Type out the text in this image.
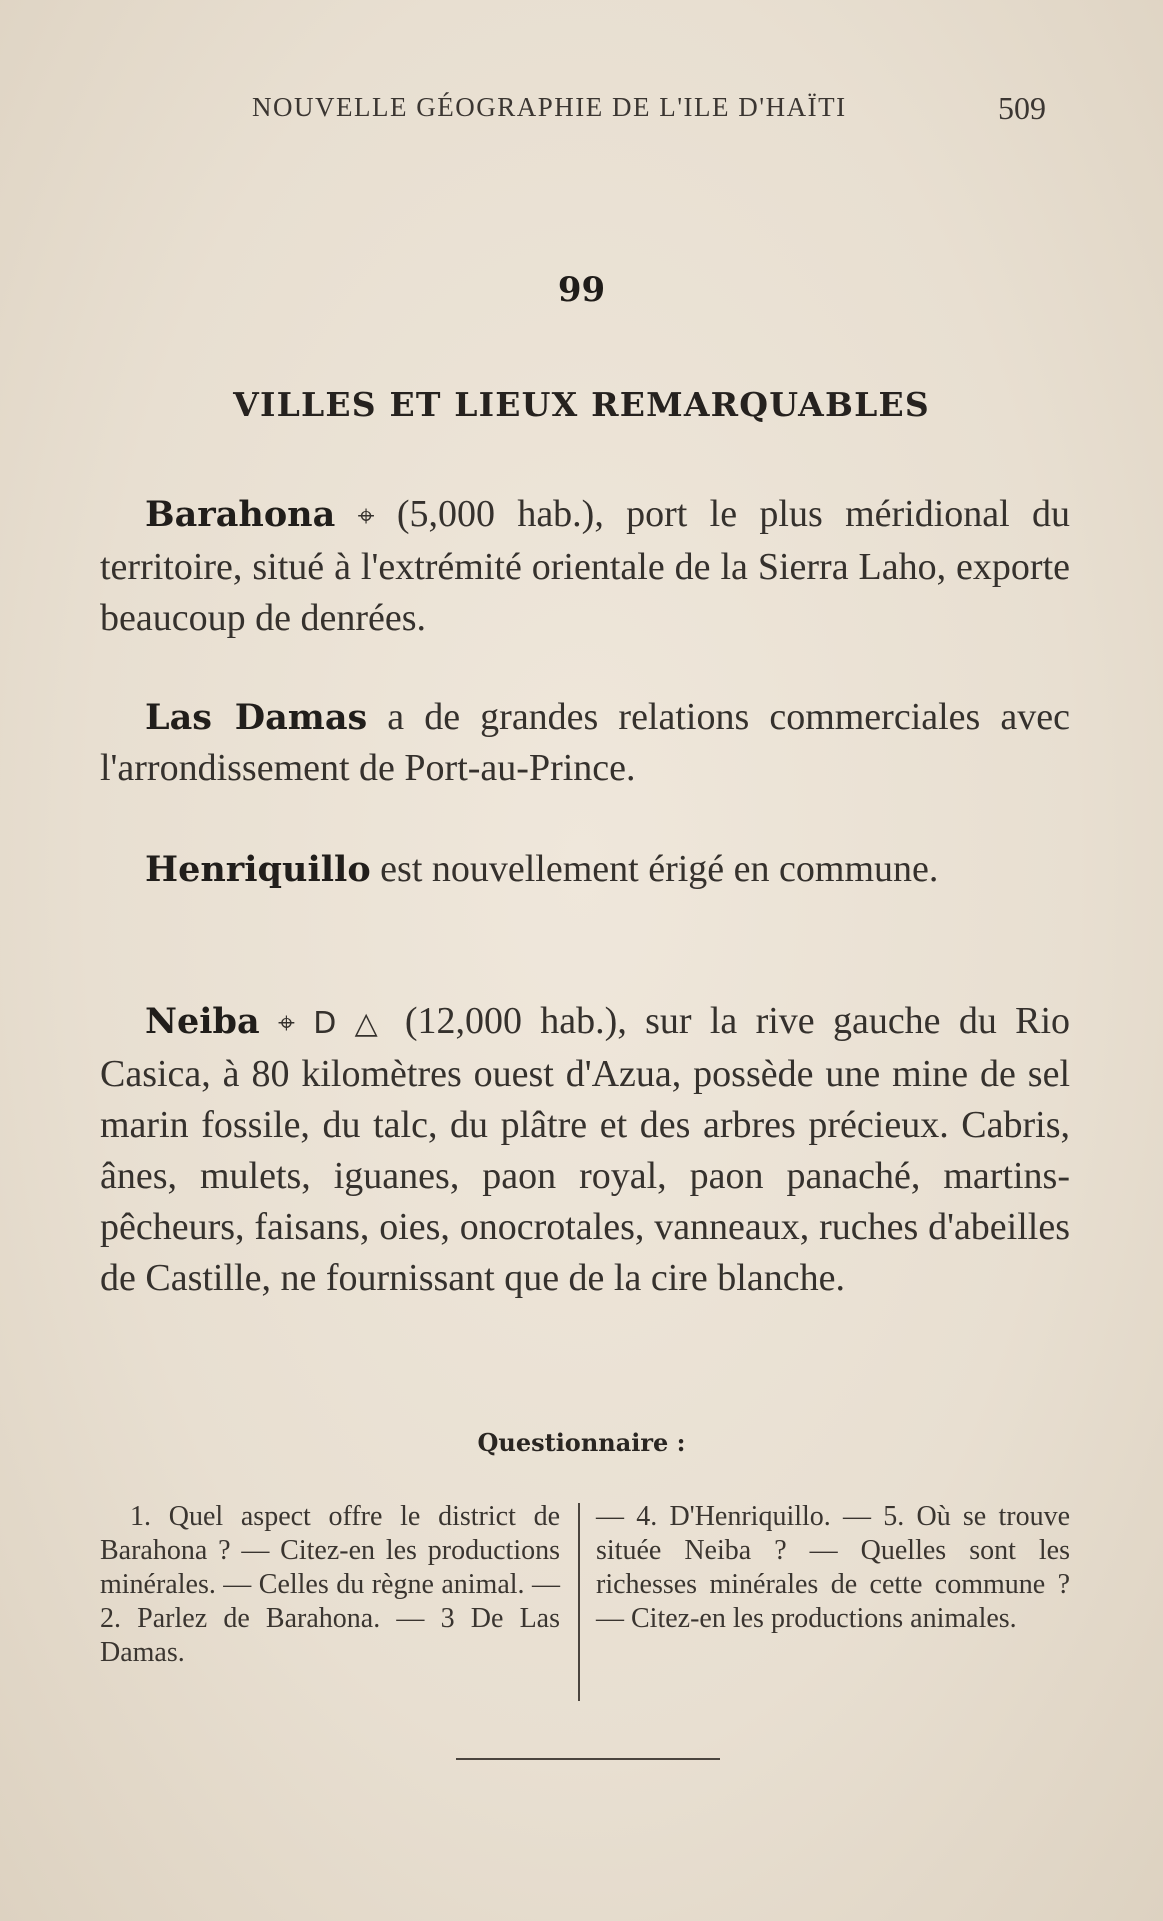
NOUVELLE GÉOGRAPHIE DE L'ILE D'HAÏTI	509
99
VILLES ET LIEUX REMARQUABLES

Barahona ⌖ (5,000 hab.), port le plus méridional du territoire, situé à l'extrémité orientale de la Sierra Laho, exporte beaucoup de denrées.

Las Damas a de grandes relations commerciales avec l'arrondissement de Port-au-Prince.

Henriquillo est nouvellement érigé en commune.

Neiba ⌖ D △ (12,000 hab.), sur la rive gauche du Rio Casica, à 80 kilomètres ouest d'Azua, possède une mine de sel marin fossile, du talc, du plâtre et des arbres précieux. Cabris, ânes, mulets, iguanes, paon royal, paon panaché, martins-pêcheurs, faisans, oies, onocrotales, vanneaux, ruches d'abeilles de Castille, ne fournissant que de la cire blanche.

Questionnaire :

1. Quel aspect offre le district de Barahona ? — Citez-en les productions minérales. — Celles du règne animal. — 2. Parlez de Barahona. — 3 De Las Damas.

— 4. D'Henriquillo. — 5. Où se trouve située Neiba ? — Quelles sont les richesses minérales de cette commune ? — Citez-en les productions animales.
